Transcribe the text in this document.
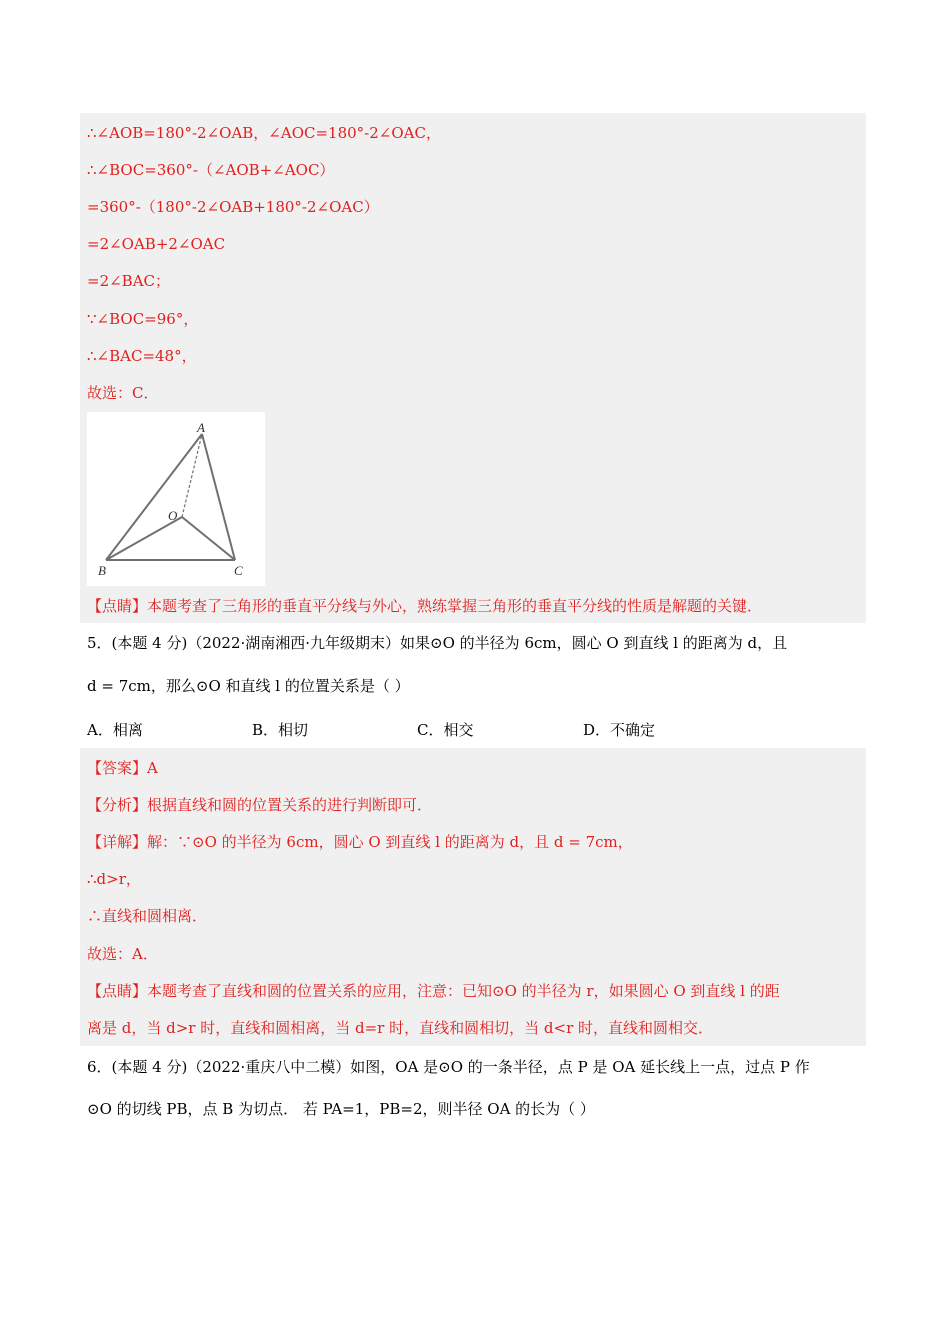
∴∠AOB=180°-2∠OAB，∠AOC=180°-2∠OAC，
∴∠BOC=360°-（∠AOB+∠AOC）
=360°-（180°-2∠OAB+180°-2∠OAC）
=2∠OAB+2∠OAC
=2∠BAC；
∵∠BOC=96°，
∴∠BAC=48°，
故选：C．
A
B	C
O
【点睛】本题考查了三角形的垂直平分线与外心，熟练掌握三角形的垂直平分线的性质是解题的关键．
5．(本题 4 分)（2022·湖南湘西·九年级期末）如果⊙O 的半径为 6cm，圆心 O 到直线 l 的距离为 d，且
d = 7cm，那么⊙O 和直线 l 的位置关系是（ ）
A．相离	B．相切	C．相交	D．不确定
【答案】A
【分析】根据直线和圆的位置关系的进行判断即可．
【详解】解：∵⊙O 的半径为 6cm，圆心 O 到直线 l 的距离为 d，且 d = 7cm，
∴d>r，
∴直线和圆相离．
故选：A．
【点睛】本题考查了直线和圆的位置关系的应用，注意：已知⊙O 的半径为 r，如果圆心 O 到直线 l 的距
离是 d，当 d>r 时，直线和圆相离，当 d=r 时，直线和圆相切，当 d<r 时，直线和圆相交．
6．(本题 4 分)（2022·重庆八中二模）如图，OA 是⊙O 的一条半径，点 P 是 OA 延长线上一点，过点 P 作
⊙O 的切线 PB，点 B 为切点． 若 PA=1，PB=2，则半径 OA 的长为（ ）
